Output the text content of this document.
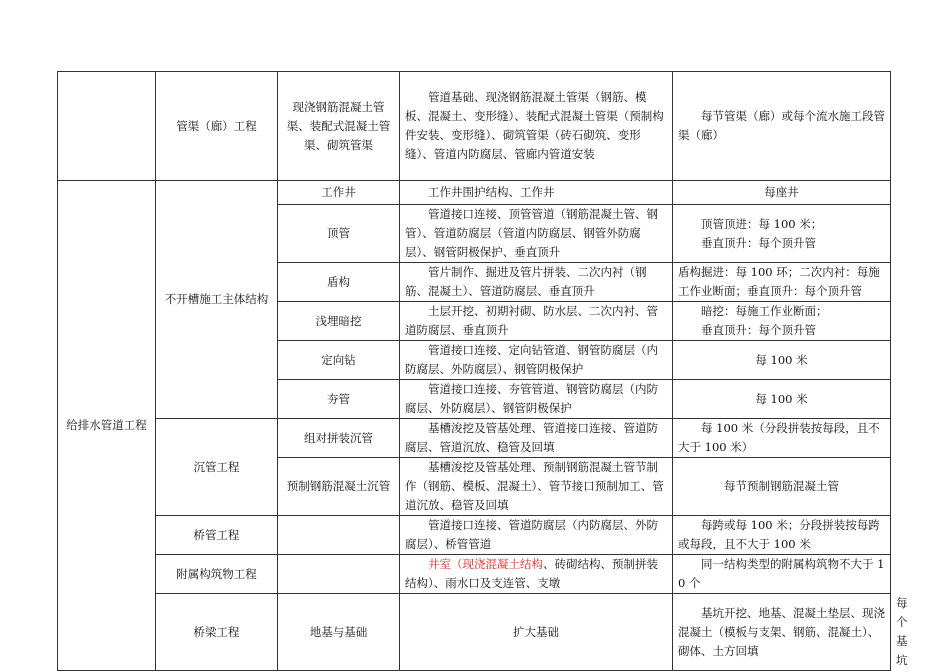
	管渠（廊）工程	现浇钢筋混凝土管渠、装配式混凝土管渠、砌筑管渠	管道基础、现浇钢筋混凝土管渠（钢筋、模板、混凝土、变形缝）、装配式混凝土管渠（预制构件安装、变形缝）、砌筑管渠（砖石砌筑、变形缝）、管道内防腐层、管廊内管道安装	每节管渠（廊）或每个流水施工段管渠（廊）	
给排水管道工程	不开槽施工主体结构	工作井	工作井围护结构、工作井	每座井	
		顶管	管道接口连接、顶管管道（钢筋混凝土管、钢管）、管道防腐层（管道内防腐层、钢管外防腐层）、钢管阴极保护、垂直顶升	顶管顶进：每 100 米；
垂直顶升：每个顶升管	

		盾构	管片制作、掘进及管片拼装、二次内衬（钢筋、混凝土）、管道防腐层、垂直顶升	盾构掘进：每 100 环；二次内衬：每施工作业断面；垂直顶升：每个顶升管	
		浅埋暗挖	土层开挖、初期衬砌、防水层、二次内衬、管道防腐层、垂直顶升	暗挖：每施工作业断面；
垂直顶升：每个顶升管	

		定向钻	管道接口连接、定向钻管道、钢管防腐层（内防腐层、外防腐层）、钢管阴极保护	每 100 米	
		夯管	管道接口连接、夯管管道、钢管防腐层（内防腐层、外防腐层）、钢管阴极保护	每 100 米	
	沉管工程	组对拼装沉管	基槽浚挖及管基处理、管道接口连接、管道防腐层、管道沉放、稳管及回填	每 100 米（分段拼装按每段，且不大于 100 米）	
		预制钢筋混凝土沉管	基槽浚挖及管基处理、预制钢筋混凝土管节制作（钢筋、模板、混凝土）、管节接口预制加工、管道沉放、稳管及回填	每节预制钢筋混凝土管	
	桥管工程		管道接口连接、管道防腐层（内防腐层、外防腐层）、桥管管道	每跨或每 100 米；分段拼装按每跨或每段，且不大于 100 米	
	附属构筑物工程		井室（现浇混凝土结构、砖砌结构、预制拼装结构）、雨水口及支连管、支墩	同一结构类型的附属构筑物不大于 10 个	
	桥梁工程	地基与基础	扩大基础	基坑开挖、地基、混凝土垫层、现浇混凝土（模板与支架、钢筋、混凝土）、砌体、土方回填	每个基坑
